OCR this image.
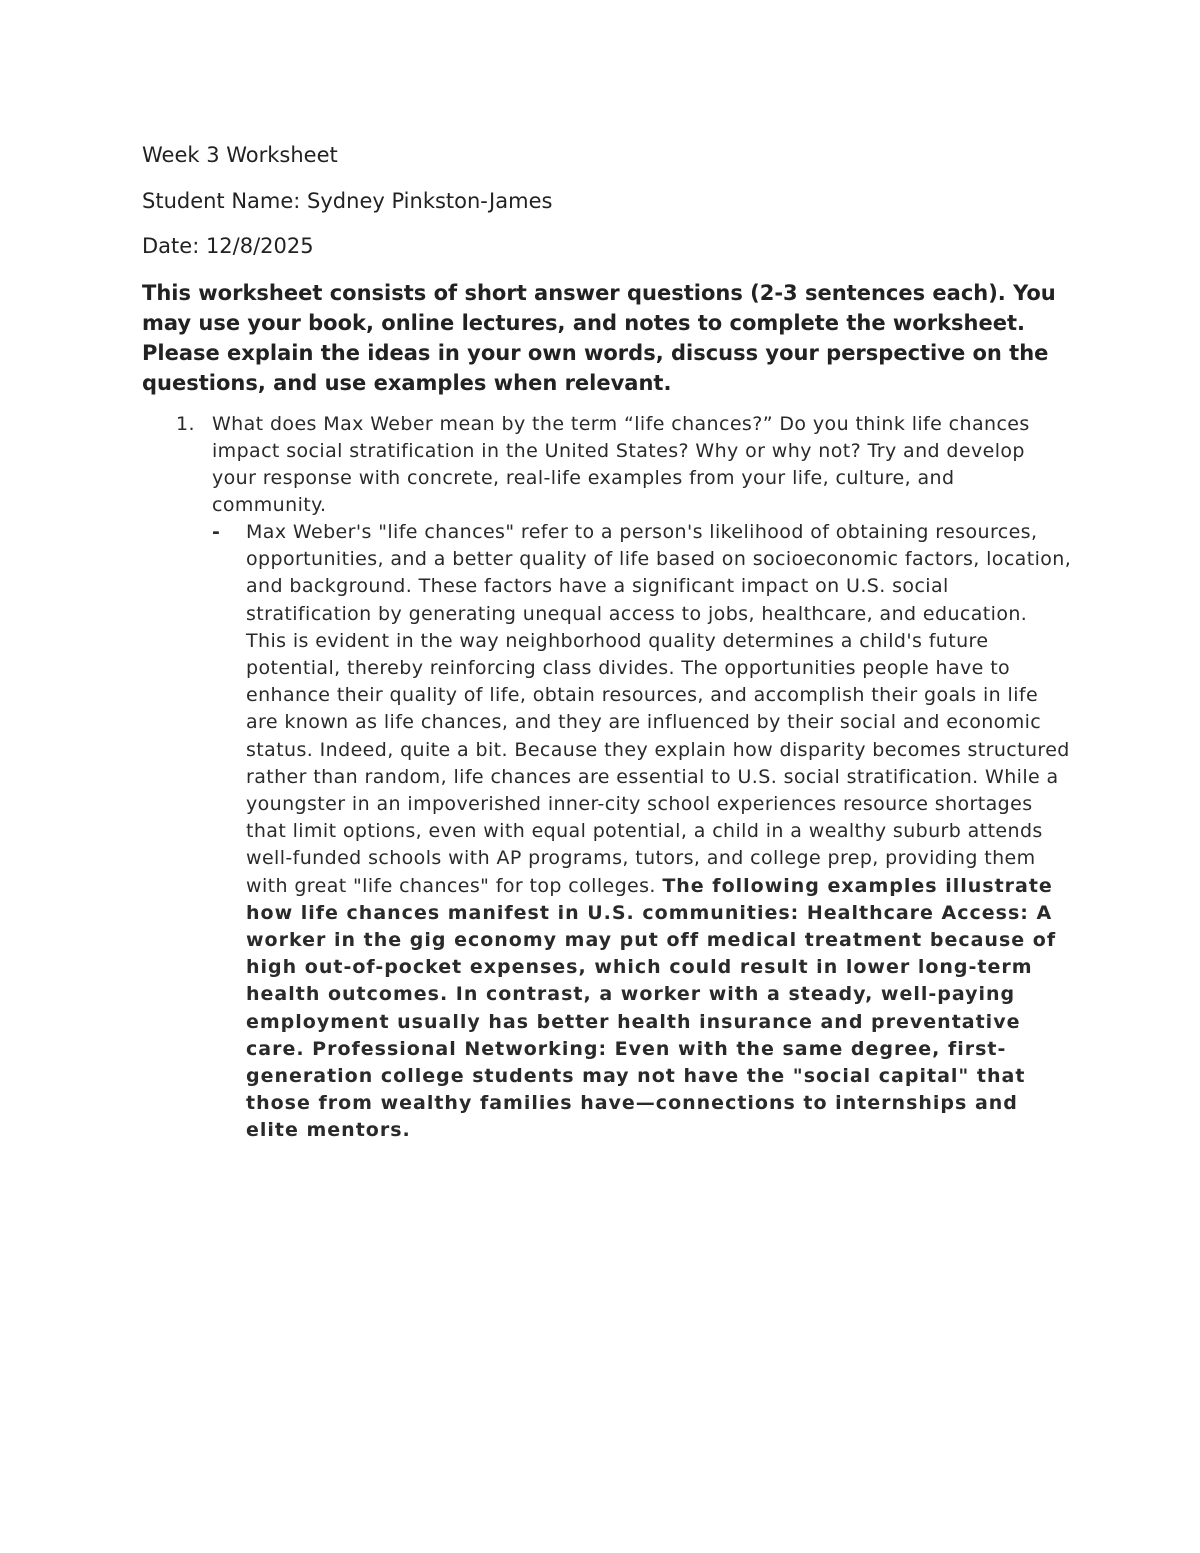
Week 3 Worksheet
Student Name: Sydney Pinkston-James
Date: 12/8/2025
This worksheet consists of short answer questions (2-3 sentences each). You may use your book, online lectures, and notes to complete the worksheet. Please explain the ideas in your own words, discuss your perspective on the questions, and use examples when relevant.
1. What does Max Weber mean by the term “life chances?” Do you think life chances impact social stratification in the United States? Why or why not? Try and develop your response with concrete, real-life examples from your life, culture, and community.
- Max Weber's "life chances" refer to a person's likelihood of obtaining resources, opportunities, and a better quality of life based on socioeconomic factors, location, and background. These factors have a significant impact on U.S. social stratification by generating unequal access to jobs, healthcare, and education. This is evident in the way neighborhood quality determines a child's future potential, thereby reinforcing class divides. The opportunities people have to enhance their quality of life, obtain resources, and accomplish their goals in life are known as life chances, and they are influenced by their social and economic status. Indeed, quite a bit. Because they explain how disparity becomes structured rather than random, life chances are essential to U.S. social stratification. While a youngster in an impoverished inner-city school experiences resource shortages that limit options, even with equal potential, a child in a wealthy suburb attends well-funded schools with AP programs, tutors, and college prep, providing them with great "life chances" for top colleges. The following examples illustrate how life chances manifest in U.S. communities: Healthcare Access: A worker in the gig economy may put off medical treatment because of high out-of-pocket expenses, which could result in lower long-term health outcomes. In contrast, a worker with a steady, well-paying employment usually has better health insurance and preventative care. Professional Networking: Even with the same degree, first-generation college students may not have the "social capital" that those from wealthy families have—connections to internships and elite mentors.
